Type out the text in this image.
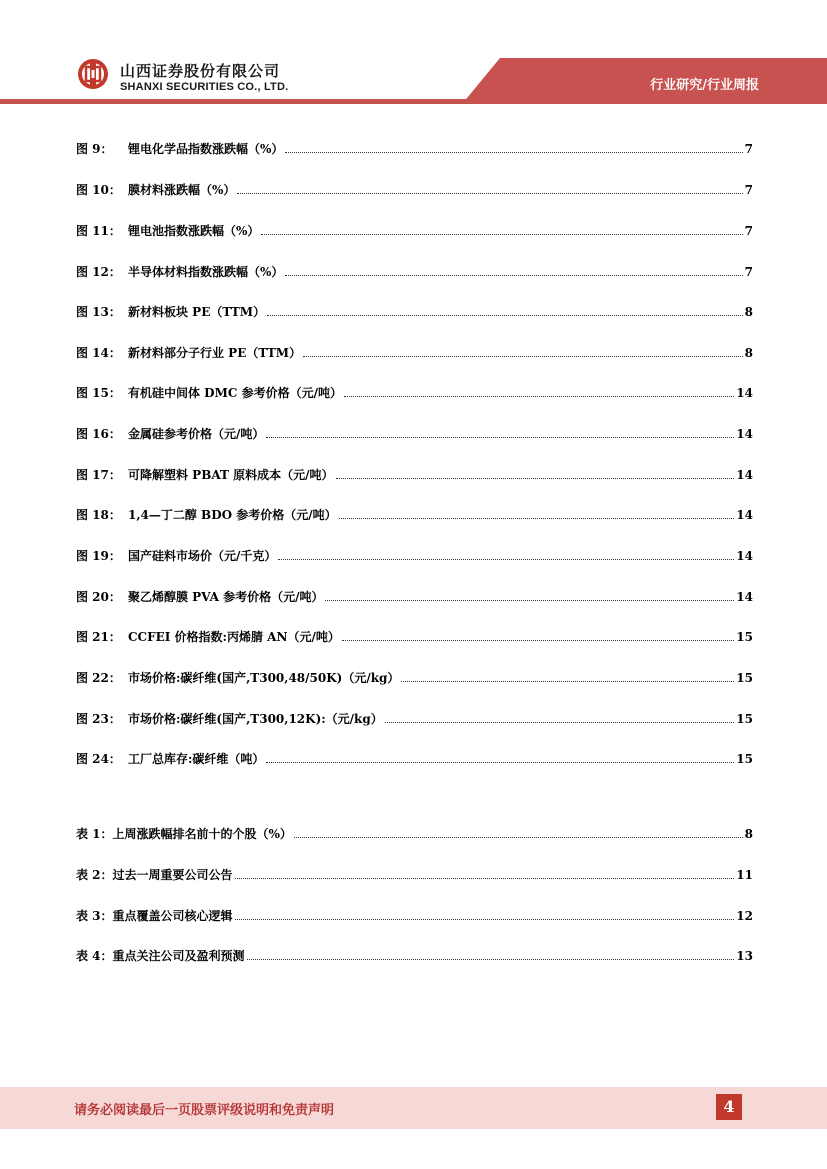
山西证券股份有限公司
SHANXI SECURITIES CO., LTD.	行业研究/行业周报
图 9：	锂电化学品指数涨跌幅（%）	7
图 10： 膜材料涨跌幅（%）	7
图 11： 锂电池指数涨跌幅（%）	7
图 12： 半导体材料指数涨跌幅（%）	7
图 13： 新材料板块 PE（TTM）	8
图 14： 新材料部分子行业 PE（TTM）	8
图 15： 有机硅中间体 DMC 参考价格（元/吨）	14
图 16： 金属硅参考价格（元/吨）	14
图 17： 可降解塑料 PBAT 原料成本（元/吨）	14
图 18： 1,4—丁二醇 BDO 参考价格（元/吨）	14
图 19： 国产硅料市场价（元/千克）	14
图 20： 聚乙烯醇膜 PVA 参考价格（元/吨）	14
图 21： CCFEI 价格指数:丙烯腈 AN（元/吨）	15
图 22： 市场价格:碳纤维(国产,T300,48/50K)（元/kg）	15
图 23： 市场价格:碳纤维(国产,T300,12K):（元/kg）	15
图 24： 工厂总库存:碳纤维（吨）	15
表 1： 上周涨跌幅排名前十的个股（%）	8
表 2： 过去一周重要公司公告	11
表 3： 重点覆盖公司核心逻辑	12
表 4： 重点关注公司及盈利预测	13
请务必阅读最后一页股票评级说明和免责声明	4
